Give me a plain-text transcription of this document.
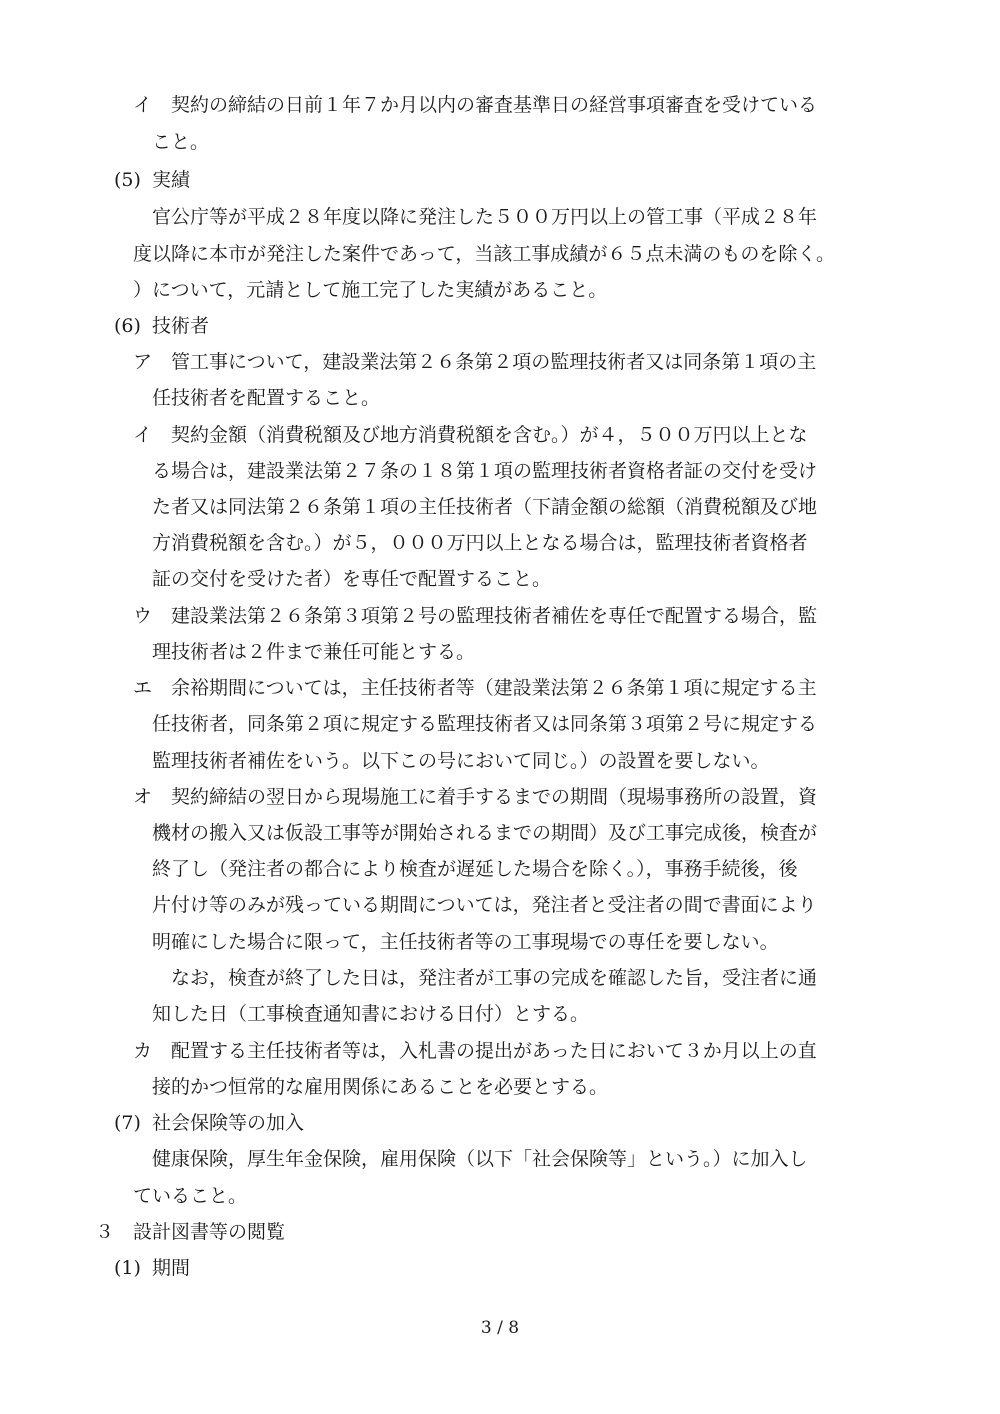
イ　契約の締結の日前１年７か月以内の審査基準日の経営事項審査を受けている
こと。
(5) 実績
官公庁等が平成２８年度以降に発注した５００万円以上の管工事（平成２８年
度以降に本市が発注した案件であって，当該工事成績が６５点未満のものを除く。
）について，元請として施工完了した実績があること。
(6) 技術者
ア　管工事について，建設業法第２６条第２項の監理技術者又は同条第１項の主
任技術者を配置すること。
イ　契約金額（消費税額及び地方消費税額を含む。）が４，５００万円以上とな
る場合は，建設業法第２７条の１８第１項の監理技術者資格者証の交付を受け
た者又は同法第２６条第１項の主任技術者（下請金額の総額（消費税額及び地
方消費税額を含む。）が５，０００万円以上となる場合は，監理技術者資格者
証の交付を受けた者）を専任で配置すること。
ウ　建設業法第２６条第３項第２号の監理技術者補佐を専任で配置する場合，監
理技術者は２件まで兼任可能とする。
エ　余裕期間については，主任技術者等（建設業法第２６条第１項に規定する主
任技術者，同条第２項に規定する監理技術者又は同条第３項第２号に規定する
監理技術者補佐をいう。以下この号において同じ。）の設置を要しない。
オ　契約締結の翌日から現場施工に着手するまでの期間（現場事務所の設置，資
機材の搬入又は仮設工事等が開始されるまでの期間）及び工事完成後，検査が
終了し（発注者の都合により検査が遅延した場合を除く。），事務手続後，後
片付け等のみが残っている期間については，発注者と受注者の間で書面により
明確にした場合に限って，主任技術者等の工事現場での専任を要しない。
なお，検査が終了した日は，発注者が工事の完成を確認した旨，受注者に通
知した日（工事検査通知書における日付）とする。
カ　配置する主任技術者等は，入札書の提出があった日において３か月以上の直
接的かつ恒常的な雇用関係にあることを必要とする。
(7) 社会保険等の加入
健康保険，厚生年金保険，雇用保険（以下「社会保険等」という。）に加入し
ていること。
３ 設計図書等の閲覧
(1) 期間
3 / 8
